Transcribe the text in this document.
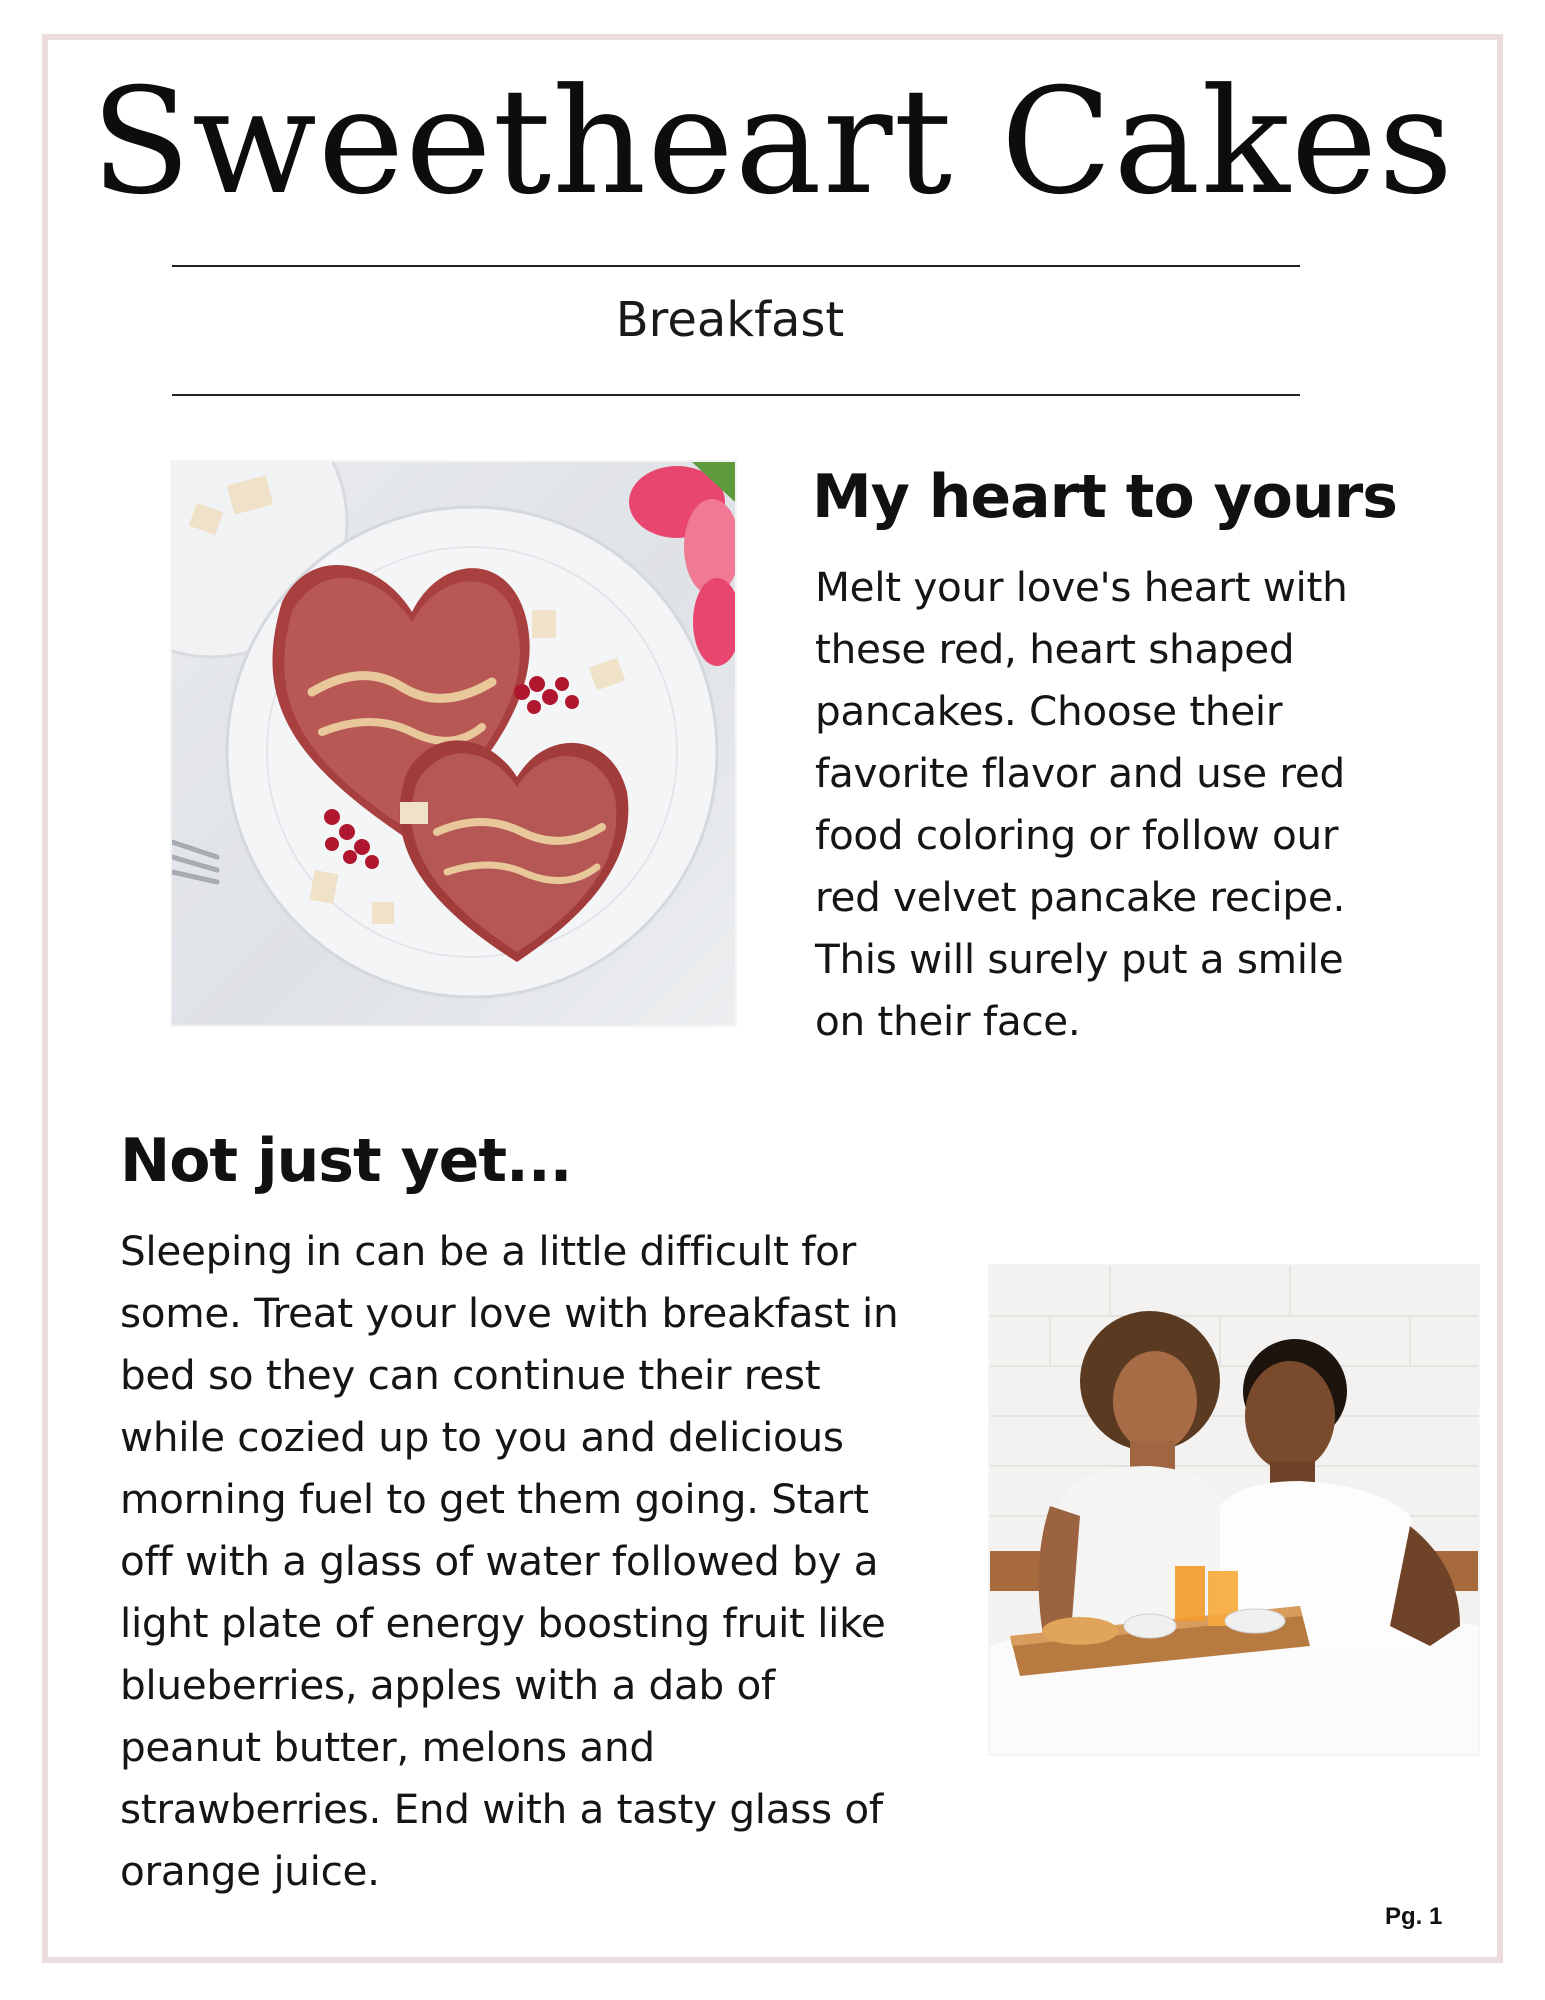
Sweetheart Cakes
Breakfast
My heart to yours
Melt your love's heart with these red, heart shaped pancakes. Choose their favorite flavor and use red food coloring or follow our red velvet pancake recipe. This will surely put a smile on their face.
Not just yet...
Sleeping in can be a little difficult for some. Treat your love with breakfast in bed so they can continue their rest while cozied up to you and delicious morning fuel to get them going. Start off with a glass of water followed by a light plate of energy boosting fruit like blueberries, apples with a dab of peanut butter, melons and strawberries. End with a tasty glass of orange juice.
Pg. 1
